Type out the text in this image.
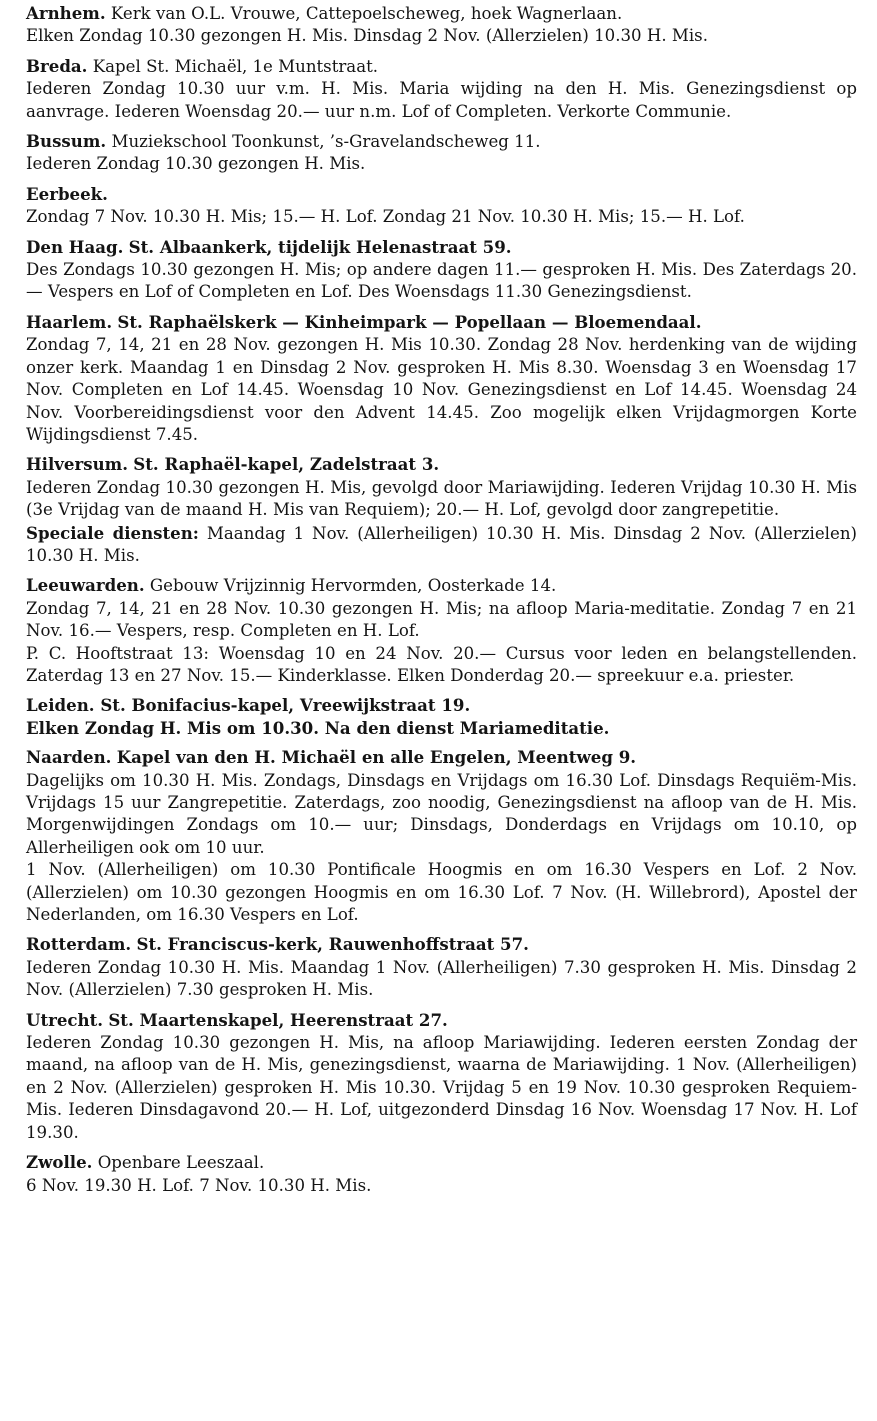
Arnhem. Kerk van O.L. Vrouwe, Cattepoelscheweg, hoek Wagnerlaan.

Elken Zondag 10.30 gezongen H. Mis. Dinsdag 2 Nov. (Allerzielen) 10.30 H. Mis.

Breda. Kapel St. Michaël, 1e Muntstraat.

Iederen Zondag 10.30 uur v.m. H. Mis. Maria wijding na den H. Mis. Genezingsdienst op aanvrage. Iederen Woensdag 20.— uur n.m. Lof of Completen. Verkorte Communie.

Bussum. Muziekschool Toonkunst, ’s-Gravelandscheweg 11.

Iederen Zondag 10.30 gezongen H. Mis.

Eerbeek.

Zondag 7 Nov. 10.30 H. Mis; 15.— H. Lof. Zondag 21 Nov. 10.30 H. Mis; 15.— H. Lof.

Den Haag. St. Albaankerk, tijdelijk Helenastraat 59.

Des Zondags 10.30 gezongen H. Mis; op andere dagen 11.— gesproken H. Mis. Des Zaterdags 20.— Vespers en Lof of Completen en Lof. Des Woensdags 11.30 Genezingsdienst.

Haarlem. St. Raphaëlskerk — Kinheimpark — Popellaan — Bloemendaal.

Zondag 7, 14, 21 en 28 Nov. gezongen H. Mis 10.30. Zondag 28 Nov. herdenking van de wijding onzer kerk. Maandag 1 en Dinsdag 2 Nov. gesproken H. Mis 8.30. Woensdag 3 en Woensdag 17 Nov. Completen en Lof 14.45. Woensdag 10 Nov. Genezingsdienst en Lof 14.45. Woensdag 24 Nov. Voorbereidingsdienst voor den Advent 14.45. Zoo mogelijk elken Vrijdagmorgen Korte Wijdingsdienst 7.45.

Hilversum. St. Raphaël-kapel, Zadelstraat 3.

Iederen Zondag 10.30 gezongen H. Mis, gevolgd door Mariawijding. Iederen Vrijdag 10.30 H. Mis (3e Vrijdag van de maand H. Mis van Requiem); 20.— H. Lof, gevolgd door zangrepetitie.

Speciale diensten: Maandag 1 Nov. (Allerheiligen) 10.30 H. Mis. Dinsdag 2 Nov. (Allerzielen) 10.30 H. Mis.

Leeuwarden. Gebouw Vrijzinnig Hervormden, Oosterkade 14.

Zondag 7, 14, 21 en 28 Nov. 10.30 gezongen H. Mis; na afloop Maria-meditatie. Zondag 7 en 21 Nov. 16.— Vespers, resp. Completen en H. Lof.

P. C. Hooftstraat 13: Woensdag 10 en 24 Nov. 20.— Cursus voor leden en belangstellenden. Zaterdag 13 en 27 Nov. 15.— Kinderklasse. Elken Donderdag 20.— spreekuur e.a. priester.

Leiden. St. Bonifacius-kapel, Vreewijkstraat 19.

Elken Zondag H. Mis om 10.30. Na den dienst Mariameditatie.

Naarden. Kapel van den H. Michaël en alle Engelen, Meentweg 9.

Dagelijks om 10.30 H. Mis. Zondags, Dinsdags en Vrijdags om 16.30 Lof. Dinsdags Requiëm-Mis. Vrijdags 15 uur Zangrepetitie. Zaterdags, zoo noodig, Genezingsdienst na afloop van de H. Mis. Morgenwijdingen Zondags om 10.— uur; Dinsdags, Donderdags en Vrijdags om 10.10, op Allerheiligen ook om 10 uur.

1 Nov. (Allerheiligen) om 10.30 Pontificale Hoogmis en om 16.30 Vespers en Lof. 2 Nov. (Allerzielen) om 10.30 gezongen Hoogmis en om 16.30 Lof. 7 Nov. (H. Willebrord), Apostel der Nederlanden, om 16.30 Vespers en Lof.

Rotterdam. St. Franciscus-kerk, Rauwenhoffstraat 57.

Iederen Zondag 10.30 H. Mis. Maandag 1 Nov. (Allerheiligen) 7.30 gesproken H. Mis. Dinsdag 2 Nov. (Allerzielen) 7.30 gesproken H. Mis.

Utrecht. St. Maartenskapel, Heerenstraat 27.

Iederen Zondag 10.30 gezongen H. Mis, na afloop Mariawijding. Iederen eersten Zondag der maand, na afloop van de H. Mis, genezingsdienst, waarna de Mariawijding. 1 Nov. (Allerheiligen) en 2 Nov. (Allerzielen) gesproken H. Mis 10.30. Vrijdag 5 en 19 Nov. 10.30 gesproken Requiem-Mis. Iederen Dinsdagavond 20.— H. Lof, uitgezonderd Dinsdag 16 Nov. Woensdag 17 Nov. H. Lof 19.30.

Zwolle. Openbare Leeszaal.

6 Nov. 19.30 H. Lof. 7 Nov. 10.30 H. Mis.
